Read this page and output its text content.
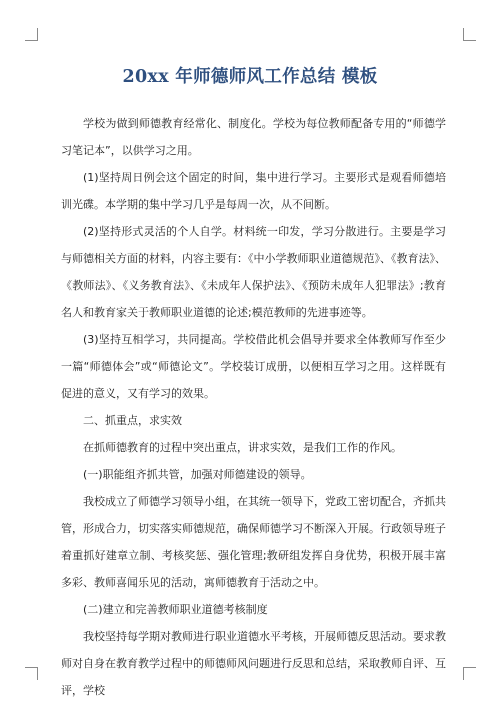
20xx 年师德师风工作总结 模板

学校为做到师德教育经常化、制度化。学校为每位教师配备专用的“师德学习笔记本”，以供学习之用。

(1)坚持周日例会这个固定的时间，集中进行学习。主要形式是观看师德培训光碟。本学期的集中学习几乎是每周一次，从不间断。

(2)坚持形式灵活的个人自学。材料统一印发，学习分散进行。主要是学习与师德相关方面的材料，内容主要有：《中小学教师职业道德规范》、《教育法》、《教师法》、《义务教育法》、《未成年人保护法》、《预防未成年人犯罪法》;教育名人和教育家关于教师职业道德的论述;模范教师的先进事迹等。

(3)坚持互相学习，共同提高。学校借此机会倡导并要求全体教师写作至少一篇“师德体会”或“师德论文”。学校装订成册，以便相互学习之用。这样既有促进的意义，又有学习的效果。

二、抓重点，求实效

在抓师德教育的过程中突出重点，讲求实效，是我们工作的作风。

(一)职能组齐抓共管，加强对师德建设的领导。

我校成立了师德学习领导小组，在其统一领导下，党政工密切配合，齐抓共管，形成合力，切实落实师德规范，确保师德学习不断深入开展。行政领导班子着重抓好建章立制、考核奖惩、强化管理;教研组发挥自身优势，积极开展丰富多彩、教师喜闻乐见的活动，寓师德教育于活动之中。

(二)建立和完善教师职业道德考核制度

我校坚持每学期对教师进行职业道德水平考核，开展师德反思活动。要求教师对自身在教育教学过程中的师德师风问题进行反思和总结，采取教师自评、互评，学校
